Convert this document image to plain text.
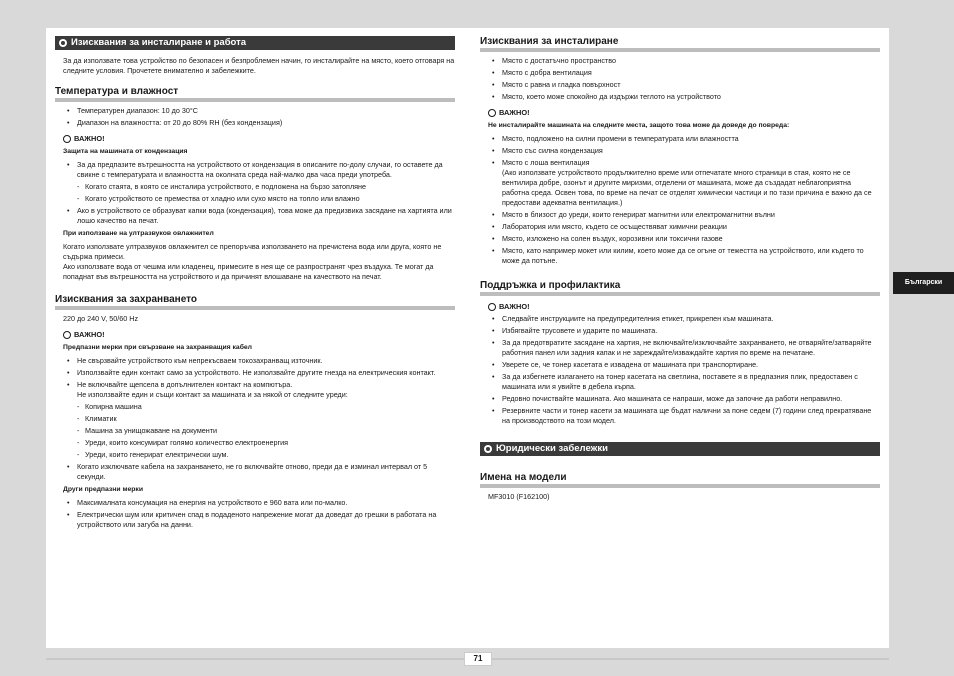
Изисквания за инсталиране и работа

За да използвате това устройство по безопасен и безпроблемен начин, го инсталирайте на място, което отговаря на следните условия. Прочетете внимателно и забележките.

Температура и влажност
• Температурен диапазон: 10 до 30°C
• Диапазон на влажността: от 20 до 80% RH (без кондензация)
ВАЖНО!
Защита на машината от кондензация
• За да предпазите вътрешността на устройството от кондензация в описаните по-долу случаи, го оставете да свикне с температурата и влажността на околната среда най-малко два часа преди употреба.
- Когато стаята, в която се инсталира устройството, е подложена на бързо затопляне
- Когато устройството се премества от хладно или сухо място на топло или влажно
• Ако в устройството се образуват капки вода (кондензация), това може да предизвика засядане на хартията или лошо качество на печат.
При използване на ултразвуков овлажнител

Когато използвате ултразвуков овлажнител се препоръчва използването на пречистена вода или друга, която не съдържа примеси.
Ако използвате вода от чешма или кладенец, примесите в нея ще се разпространят чрез въздуха. Те могат да попаднат във вътрешността на устройството и да причинят влошаване на качеството на печат.

Изисквания за захранването

220 до 240 V, 50/60 Hz

ВАЖНО!
Предпазни мерки при свързване на захранващия кабел
• Не свързвайте устройството към непрекъсваем токозахранващ източник.
• Използвайте един контакт само за устройството. Не използвайте другите гнезда на електрическия контакт.
• Не включвайте щепсела в допълнителен контакт на компютъра.
Не използвайте един и същи контакт за машината и за някой от следните уреди:
- Копирна машина
- Климатик
- Машина за унищожаване на документи
- Уреди, които консумират голямо количество електроенергия
- Уреди, които генерират електрически шум.
• Когато изключвате кабела на захранването, не го включвайте отново, преди да е изминал интервал от 5 секунди.
Други предпазни мерки
• Максималната консумация на енергия на устройството е 960 вата или по-малко.
• Електрически шум или критичен спад в подаденото напрежение могат да доведат до грешки в работата на устройството или загуба на данни.
Изисквания за инсталиране
• Място с достатъчно пространство
• Място с добра вентилация
• Място с равна и гладка повърхност
• Място, което може спокойно да издържи теглото на устройството
ВАЖНО!
Не инсталирайте машината на следните места, защото това може да доведе до повреда:
• Място, подложено на силни промени в температурата или влажността
• Място със силна кондензация
• Място с лоша вентилация
(Ако използвате устройството продължително време или отпечатате много страници в стая, която не се вентилира добре, озонът и другите миризми, отделени от машината, може да създадат неблагоприятна работна среда. Освен това, по време на печат се отделят химически частици и по тази причина е важно да се предостави адекватна вентилация.)
• Място в близост до уреди, които генерират магнитни или електромагнитни вълни
• Лаборатория или място, където се осъществяват химични реакции
• Място, изложено на солен въздух, корозивни или токсични газове
• Място, като например мокет или килим, което може да се огъне от тежестта на устройството, или където то може да потъне.
Поддръжка и профилактика
ВАЖНО!
• Следвайте инструкциите на предупредителния етикет, прикрепен към машината.
• Избягвайте трусовете и ударите по машината.
• За да предотвратите засядане на хартия, не включвайте/изключвайте захранването, не отваряйте/затваряйте работния панел или задния капак и не зареждайте/изваждайте хартия по време на печатане.
• Уверете се, че тонер касетата е извадена от машината при транспортиране.
• За да избегнете излагането на тонер касетата на светлина, поставете я в предпазния плик, предоставен с машината или я увийте в дебела кърпа.
• Редовно почиствайте машината. Ако машината се напраши, може да започне да работи неправилно.
• Резервните части и тонер касети за машината ще бъдат налични за поне седем (7) години след прекратяване на производството на този модел.
Юридически забележки
Имена на модели

MF3010 (F162100)

Български
71
